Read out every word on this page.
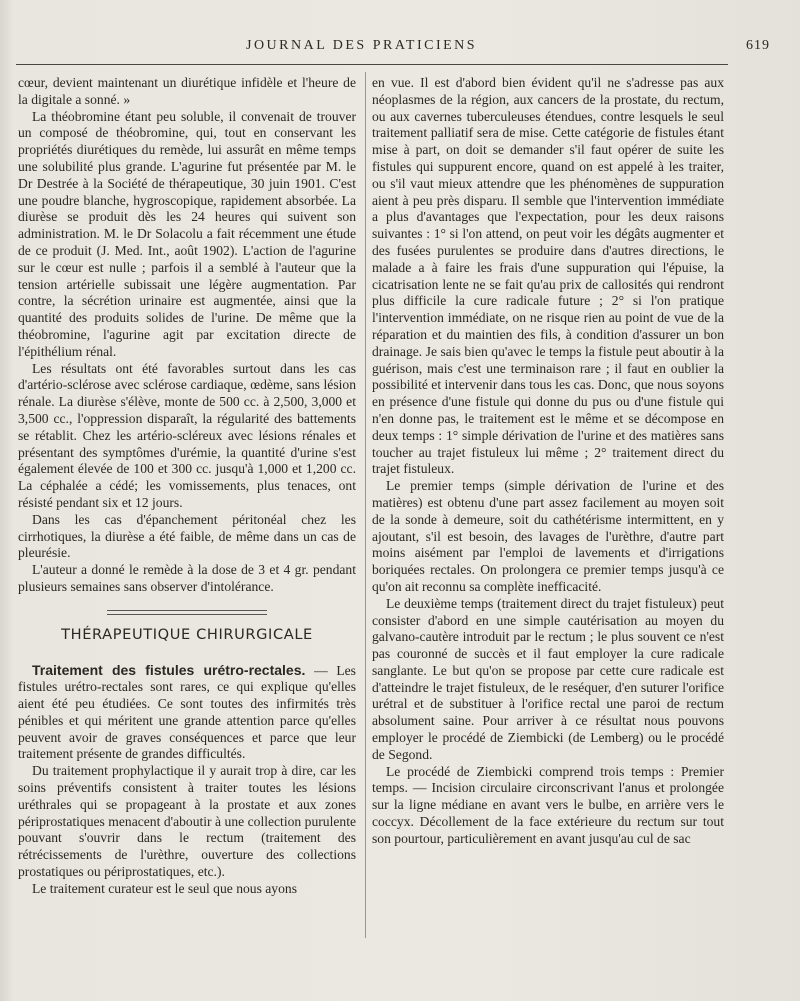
JOURNAL DES PRATICIENS	619

cœur, devient maintenant un diurétique infidèle et l'heure de la digitale a sonné. »

La théobromine étant peu soluble, il convenait de trouver un composé de théobromine, qui, tout en conservant les propriétés diurétiques du remède, lui assurât en même temps une solubilité plus grande. L'agurine fut présentée par M. le Dr Destrée à la Société de thérapeutique, 30 juin 1901. C'est une poudre blanche, hygroscopique, rapidement absorbée. La diurèse se produit dès les 24 heures qui suivent son administration. M. le Dr Solacolu a fait récemment une étude de ce produit (J. Med. Int., août 1902). L'action de l'agurine sur le cœur est nulle ; parfois il a semblé à l'auteur que la tension artérielle subissait une légère augmentation. Par contre, la sécrétion urinaire est augmentée, ainsi que la quantité des produits solides de l'urine. De même que la théobromine, l'agurine agit par excitation directe de l'épithélium rénal.

Les résultats ont été favorables surtout dans les cas d'artério-sclérose avec sclérose cardiaque, œdème, sans lésion rénale. La diurèse s'élève, monte de 500 cc. à 2,500, 3,000 et 3,500 cc., l'oppression disparaît, la régularité des battements se rétablit. Chez les artério-scléreux avec lésions rénales et présentant des symptômes d'urémie, la quantité d'urine s'est également élevée de 100 et 300 cc. jusqu'à 1,000 et 1,200 cc. La céphalée a cédé; les vomissements, plus tenaces, ont résisté pendant six et 12 jours.

Dans les cas d'épanchement péritonéal chez les cirrhotiques, la diurèse a été faible, de même dans un cas de pleurésie.

L'auteur a donné le remède à la dose de 3 et 4 gr. pendant plusieurs semaines sans observer d'intolérance.

THÉRAPEUTIQUE CHIRURGICALE

Traitement des fistules urétro-rectales. — Les fistules urétro-rectales sont rares, ce qui explique qu'elles aient été peu étudiées. Ce sont toutes des infirmités très pénibles et qui méritent une grande attention parce qu'elles peuvent avoir de graves conséquences et parce que leur traitement présente de grandes difficultés.

Du traitement prophylactique il y aurait trop à dire, car les soins préventifs consistent à traiter toutes les lésions uréthrales qui se propageant à la prostate et aux zones périprostatiques menacent d'aboutir à une collection purulente pouvant s'ouvrir dans le rectum (traitement des rétrécissements de l'urèthre, ouverture des collections prostatiques ou périprostatiques, etc.).

Le traitement curateur est le seul que nous ayons

en vue. Il est d'abord bien évident qu'il ne s'adresse pas aux néoplasmes de la région, aux cancers de la prostate, du rectum, ou aux cavernes tuberculeuses étendues, contre lesquels le seul traitement palliatif sera de mise. Cette catégorie de fistules étant mise à part, on doit se demander s'il faut opérer de suite les fistules qui suppurent encore, quand on est appelé à les traiter, ou s'il vaut mieux attendre que les phénomènes de suppuration aient à peu près disparu. Il semble que l'intervention immédiate a plus d'avantages que l'expectation, pour les deux raisons suivantes : 1° si l'on attend, on peut voir les dégâts augmenter et des fusées purulentes se produire dans d'autres directions, le malade a à faire les frais d'une suppuration qui l'épuise, la cicatrisation lente ne se fait qu'au prix de callosités qui rendront plus difficile la cure radicale future ; 2° si l'on pratique l'intervention immédiate, on ne risque rien au point de vue de la réparation et du maintien des fils, à condition d'assurer un bon drainage. Je sais bien qu'avec le temps la fistule peut aboutir à la guérison, mais c'est une terminaison rare ; il faut en oublier la possibilité et intervenir dans tous les cas. Donc, que nous soyons en présence d'une fistule qui donne du pus ou d'une fistule qui n'en donne pas, le traitement est le même et se décompose en deux temps : 1° simple dérivation de l'urine et des matières sans toucher au trajet fistuleux lui même ; 2° traitement direct du trajet fistuleux.

Le premier temps (simple dérivation de l'urine et des matières) est obtenu d'une part assez facilement au moyen soit de la sonde à demeure, soit du cathétérisme intermittent, en y ajoutant, s'il est besoin, des lavages de l'urèthre, d'autre part moins aisément par l'emploi de lavements et d'irrigations boriquées rectales. On prolongera ce premier temps jusqu'à ce qu'on ait reconnu sa complète inefficacité.

Le deuxième temps (traitement direct du trajet fistuleux) peut consister d'abord en une simple cautérisation au moyen du galvano-cautère introduit par le rectum ; le plus souvent ce n'est pas couronné de succès et il faut employer la cure radicale sanglante. Le but qu'on se propose par cette cure radicale est d'atteindre le trajet fistuleux, de le reséquer, d'en suturer l'orifice urétral et de substituer à l'orifice rectal une paroi de rectum absolument saine. Pour arriver à ce résultat nous pouvons employer le procédé de Ziembicki (de Lemberg) ou le procédé de Segond.

Le procédé de Ziembicki comprend trois temps : Premier temps. — Incision circulaire circonscrivant l'anus et prolongée sur la ligne médiane en avant vers le bulbe, en arrière vers le coccyx. Décollement de la face extérieure du rectum sur tout son pourtour, particulièrement en avant jusqu'au cul de sac
